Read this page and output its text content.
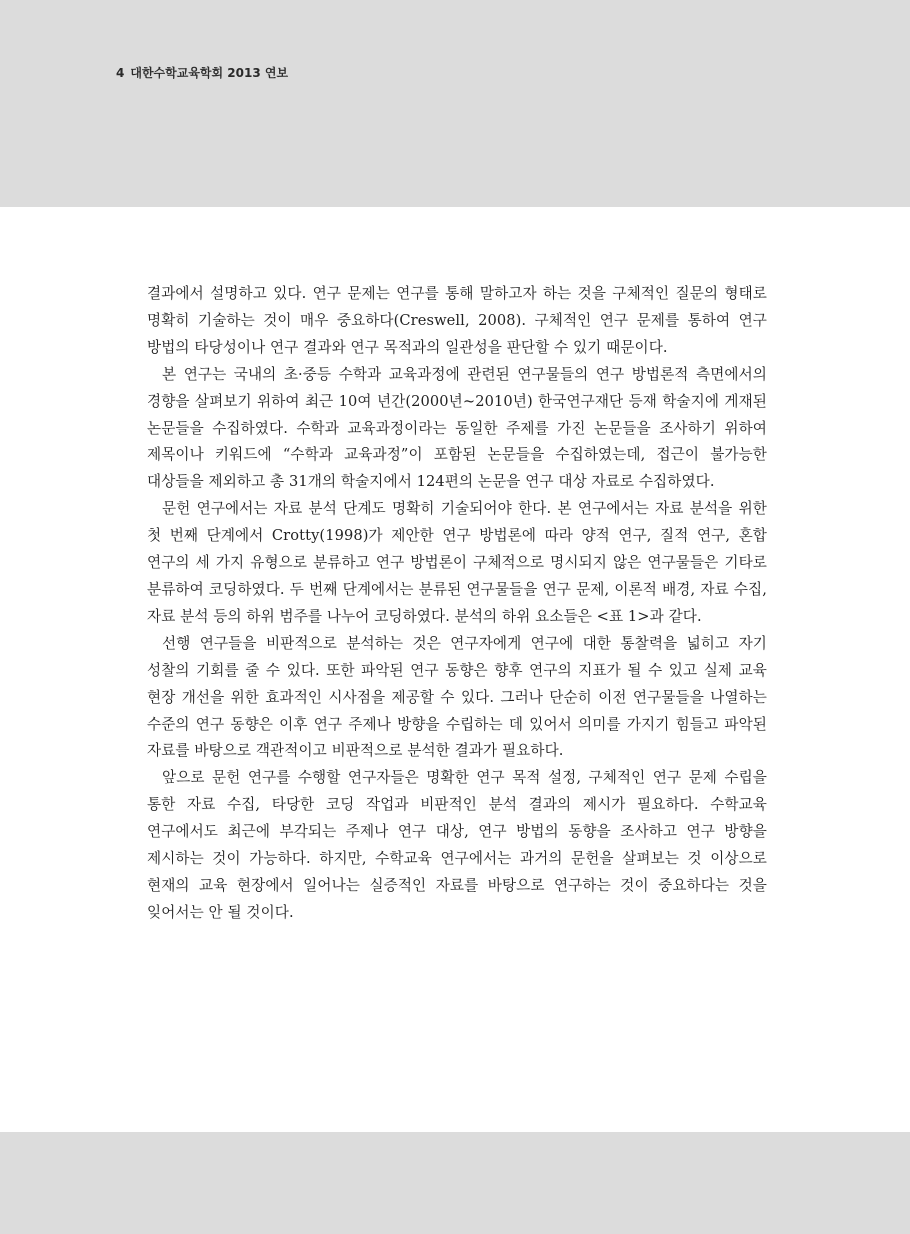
4 대한수학교육학회 2013 연보

결과에서 설명하고 있다. 연구 문제는 연구를 통해 말하고자 하는 것을 구체적인 질문의 형태로 명확히 기술하는 것이 매우 중요하다(Creswell, 2008). 구체적인 연구 문제를 통하여 연구 방법의 타당성이나 연구 결과와 연구 목적과의 일관성을 판단할 수 있기 때문이다.

본 연구는 국내의 초·중등 수학과 교육과정에 관련된 연구물들의 연구 방법론적 측면에서의 경향을 살펴보기 위하여 최근 10여 년간(2000년~2010년) 한국연구재단 등재 학술지에 게재된 논문들을 수집하였다. 수학과 교육과정이라는 동일한 주제를 가진 논문들을 조사하기 위하여 제목이나 키워드에 “수학과 교육과정”이 포함된 논문들을 수집하였는데, 접근이 불가능한 대상들을 제외하고 총 31개의 학술지에서 124편의 논문을 연구 대상 자료로 수집하였다.

문헌 연구에서는 자료 분석 단계도 명확히 기술되어야 한다. 본 연구에서는 자료 분석을 위한 첫 번째 단계에서 Crotty(1998)가 제안한 연구 방법론에 따라 양적 연구, 질적 연구, 혼합 연구의 세 가지 유형으로 분류하고 연구 방법론이 구체적으로 명시되지 않은 연구물들은 기타로 분류하여 코딩하였다. 두 번째 단계에서는 분류된 연구물들을 연구 문제, 이론적 배경, 자료 수집, 자료 분석 등의 하위 범주를 나누어 코딩하였다. 분석의 하위 요소들은 <표 1>과 같다.

선행 연구들을 비판적으로 분석하는 것은 연구자에게 연구에 대한 통찰력을 넓히고 자기 성찰의 기회를 줄 수 있다. 또한 파악된 연구 동향은 향후 연구의 지표가 될 수 있고 실제 교육 현장 개선을 위한 효과적인 시사점을 제공할 수 있다. 그러나 단순히 이전 연구물들을 나열하는 수준의 연구 동향은 이후 연구 주제나 방향을 수립하는 데 있어서 의미를 가지기 힘들고 파악된 자료를 바탕으로 객관적이고 비판적으로 분석한 결과가 필요하다.

앞으로 문헌 연구를 수행할 연구자들은 명확한 연구 목적 설정, 구체적인 연구 문제 수립을 통한 자료 수집, 타당한 코딩 작업과 비판적인 분석 결과의 제시가 필요하다. 수학교육 연구에서도 최근에 부각되는 주제나 연구 대상, 연구 방법의 동향을 조사하고 연구 방향을 제시하는 것이 가능하다. 하지만, 수학교육 연구에서는 과거의 문헌을 살펴보는 것 이상으로 현재의 교육 현장에서 일어나는 실증적인 자료를 바탕으로 연구하는 것이 중요하다는 것을 잊어서는 안 될 것이다.
